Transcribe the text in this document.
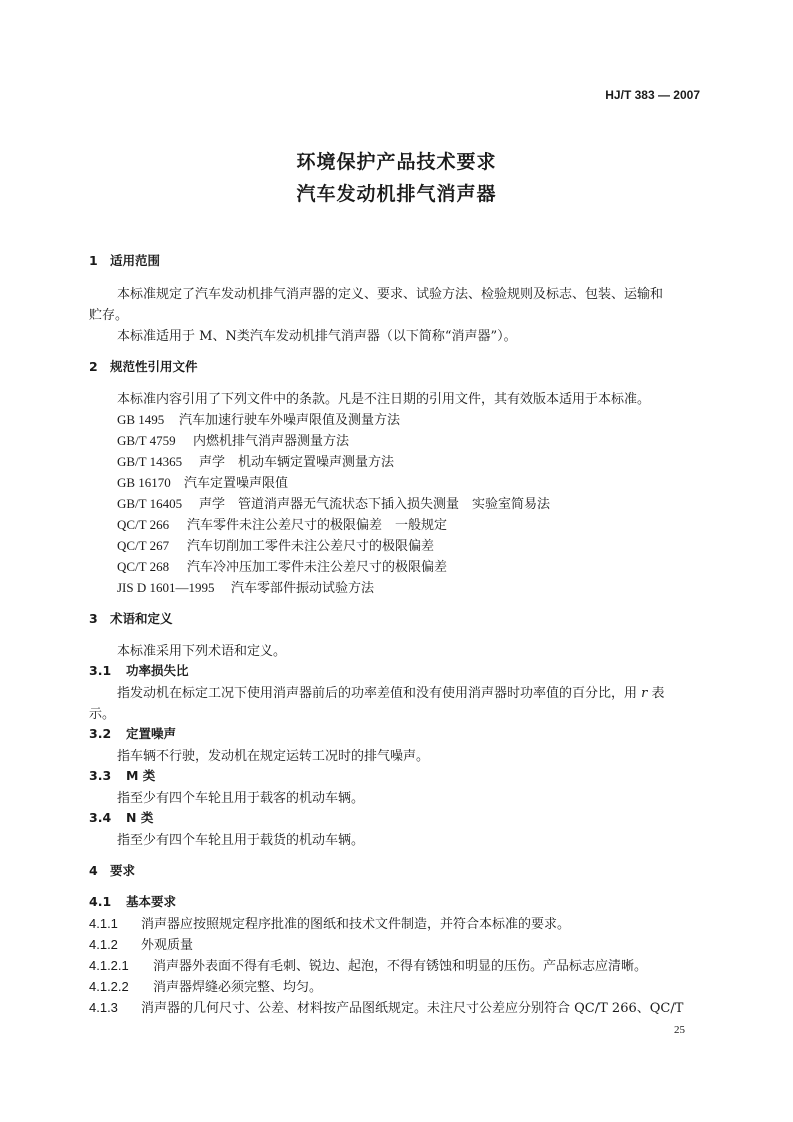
HJ/T 383 — 2007
环境保护产品技术要求
汽车发动机排气消声器
1 适用范围
本标准规定了汽车发动机排气消声器的定义、要求、试验方法、检验规则及标志、包装、运输和
贮存。
本标准适用于 M、N类汽车发动机排气消声器（以下简称“消声器”）。
2 规范性引用文件
本标准内容引用了下列文件中的条款。凡是不注日期的引用文件，其有效版本适用于本标准。
GB 1495 汽车加速行驶车外噪声限值及测量方法
GB/T 4759 内燃机排气消声器测量方法
GB/T 14365 声学　机动车辆定置噪声测量方法
GB 16170 汽车定置噪声限值
GB/T 16405 声学　管道消声器无气流状态下插入损失测量　实验室简易法
QC/T 266 汽车零件未注公差尺寸的极限偏差　一般规定
QC/T 267 汽车切削加工零件未注公差尺寸的极限偏差
QC/T 268 汽车冷冲压加工零件未注公差尺寸的极限偏差
JIS D 1601—1995 汽车零部件振动试验方法
3 术语和定义
本标准采用下列术语和定义。
3.1 功率损失比
指发动机在标定工况下使用消声器前后的功率差值和没有使用消声器时功率值的百分比，用 r 表
示。
3.2 定置噪声
指车辆不行驶，发动机在规定运转工况时的排气噪声。
3.3 M 类
指至少有四个车轮且用于载客的机动车辆。
3.4 N 类
指至少有四个车轮且用于载货的机动车辆。
4 要求
4.1 基本要求
4.1.1 消声器应按照规定程序批准的图纸和技术文件制造，并符合本标准的要求。
4.1.2 外观质量
4.1.2.1 消声器外表面不得有毛刺、锐边、起泡，不得有锈蚀和明显的压伤。产品标志应清晰。
4.1.2.2 消声器焊缝必须完整、均匀。
4.1.3 消声器的几何尺寸、公差、材料按产品图纸规定。未注尺寸公差应分别符合 QC/T 266、QC/T
25
